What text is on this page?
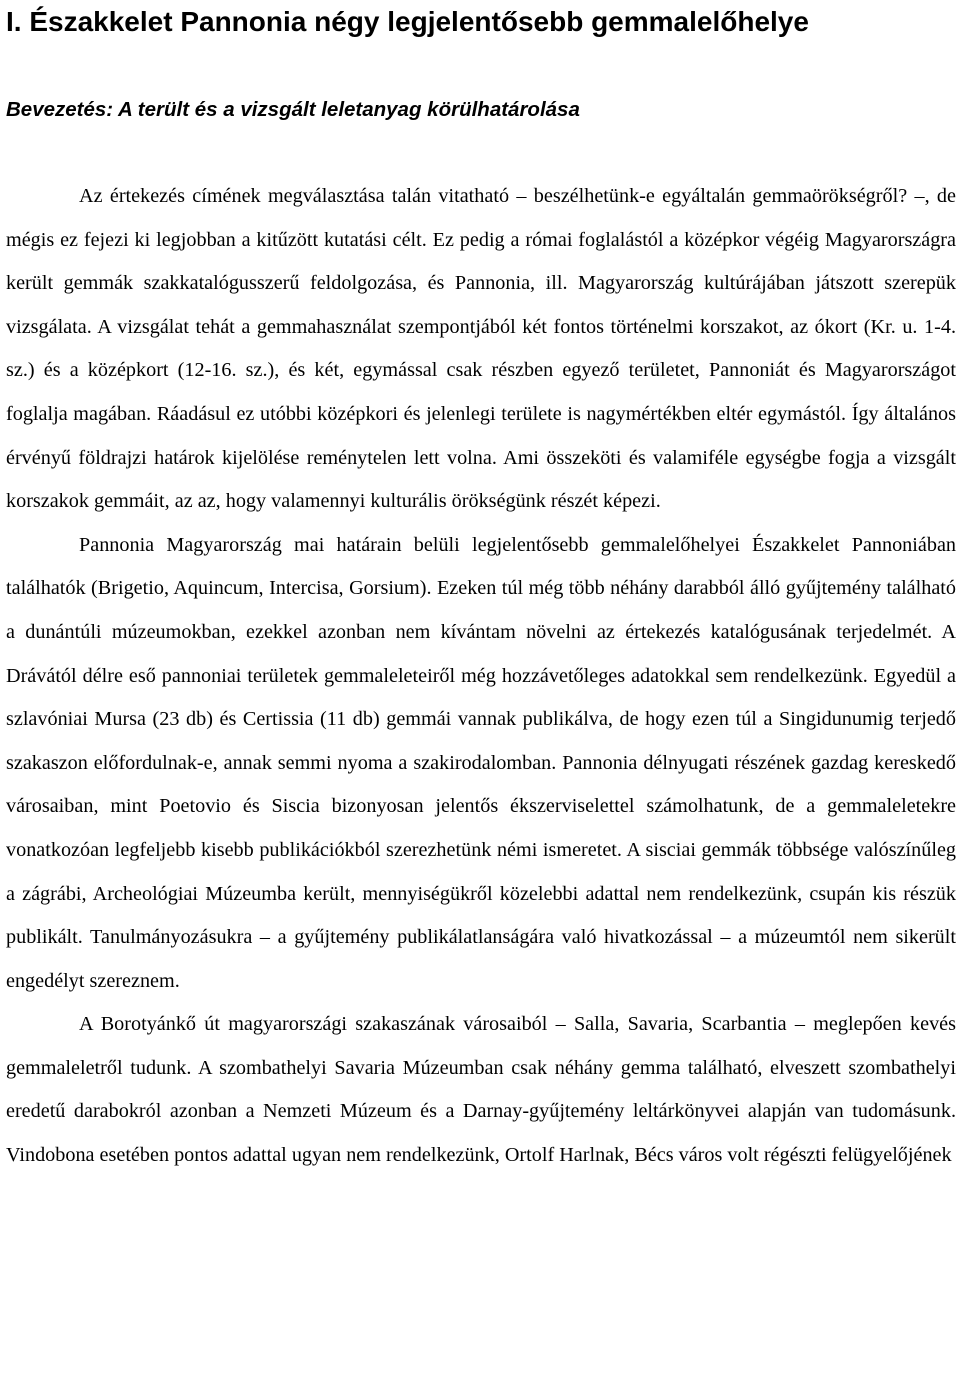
I. Északkelet Pannonia négy legjelentősebb gemmalelőhelye
Bevezetés: A terült és a vizsgált leletanyag körülhatárolása

Az értekezés címének megválasztása talán vitatható – beszélhetünk-e egyáltalán gemmaörökségről? –, de mégis ez fejezi ki legjobban a kitűzött kutatási célt. Ez pedig a római foglalástól a középkor végéig Magyarországra került gemmák szakkatalógusszerű feldolgozása, és Pannonia, ill. Magyarország kultúrájában játszott szerepük vizsgálata. A vizsgálat tehát a gemmahasználat szempontjából két fontos történelmi korszakot, az ókort (Kr. u. 1-4. sz.) és a középkort (12-16. sz.), és két, egymással csak részben egyező területet, Pannoniát és Magyarországot foglalja magában. Ráadásul ez utóbbi középkori és jelenlegi területe is nagymértékben eltér egymástól. Így általános érvényű földrajzi határok kijelölése reménytelen lett volna. Ami összeköti és valamiféle egységbe fogja a vizsgált korszakok gemmáit, az az, hogy valamennyi kulturális örökségünk részét képezi.

Pannonia Magyarország mai határain belüli legjelentősebb gemmalelőhelyei Északkelet Pannoniában találhatók (Brigetio, Aquincum, Intercisa, Gorsium). Ezeken túl még több néhány darabból álló gyűjtemény található a dunántúli múzeumokban, ezekkel azonban nem kívántam növelni az értekezés katalógusának terjedelmét. A Drávától délre eső pannoniai területek gemmaleleteiről még hozzávetőleges adatokkal sem rendelkezünk. Egyedül a szlavóniai Mursa (23 db) és Certissia (11 db) gemmái vannak publikálva, de hogy ezen túl a Singidunumig terjedő szakaszon előfordulnak-e, annak semmi nyoma a szakirodalomban. Pannonia délnyugati részének gazdag kereskedő városaiban, mint Poetovio és Siscia bizonyosan jelentős ékszerviselettel számolhatunk, de a gemmaleletekre vonatkozóan legfeljebb kisebb publikációkból szerezhetünk némi ismeretet. A sisciai gemmák többsége valószínűleg a zágrábi, Archeológiai Múzeumba került, mennyiségükről közelebbi adattal nem rendelkezünk, csupán kis részük publikált. Tanulmányozásukra – a gyűjtemény publikálatlanságára való hivatkozással – a múzeumtól nem sikerült engedélyt szereznem.

A Borotyánkő út magyarországi szakaszának városaiból – Salla, Savaria, Scarbantia – meglepően kevés gemmaleletről tudunk. A szombathelyi Savaria Múzeumban csak néhány gemma található, elveszett szombathelyi eredetű darabokról azonban a Nemzeti Múzeum és a Darnay-gyűjtemény leltárkönyvei alapján van tudomásunk. Vindobona esetében pontos adattal ugyan nem rendelkezünk, Ortolf Harlnak, Bécs város volt régészti felügyelőjének
